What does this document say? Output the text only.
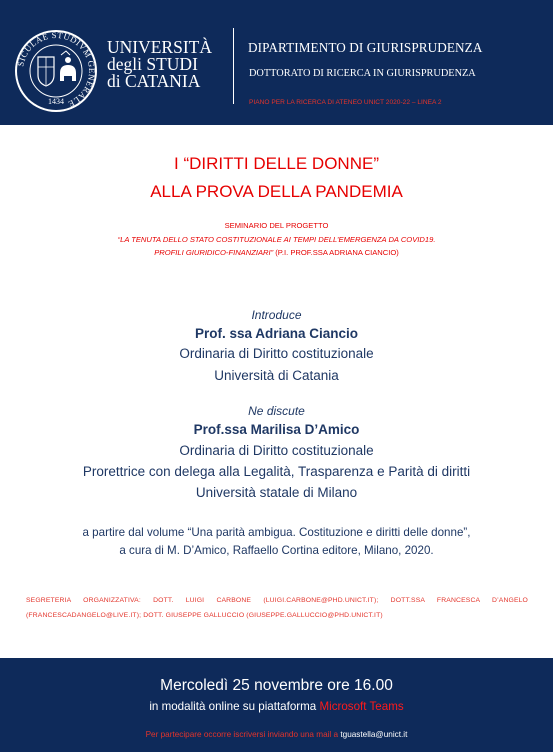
SICULAE STUDIVM GENERALE
1434
UNIVERSITÀ
degli STUDI
di CATANIA
DIPARTIMENTO DI GIURISPRUDENZA
DOTTORATO DI RICERCA IN GIURISPRUDENZA
PIANO PER LA RICERCA DI ATENEO UNICT 2020-22 – LINEA 2
I “DIRITTI DELLE DONNE”
ALLA PROVA DELLA PANDEMIA
SEMINARIO DEL PROGETTO
“LA TENUTA DELLO STATO COSTITUZIONALE AI TEMPI DELL’EMERGENZA DA COVID19.
PROFILI GIURIDICO-FINANZIARI” (P.I. PROF.SSA ADRIANA CIANCIO)
Introduce
Prof. ssa Adriana Ciancio
Ordinaria di Diritto costituzionale
Università di Catania
Ne discute
Prof.ssa Marilisa D’Amico
Ordinaria di Diritto costituzionale
Prorettrice con delega alla Legalità, Trasparenza e Parità di diritti
Università statale di Milano
a partire dal volume “Una parità ambigua. Costituzione e diritti delle donne”,
a cura di M. D’Amico, Raffaello Cortina editore, Milano, 2020.
SEGRETERIA ORGANIZZATIVA: DOTT. LUIGI CARBONE (LUIGI.CARBONE@PHD.UNICT.IT); DOTT.SSA FRANCESCA D’ANGELO
(FRANCESCADANGELO@LIVE.IT); DOTT. GIUSEPPE GALLUCCIO (GIUSEPPE.GALLUCCIO@PHD.UNICT.IT)
Mercoledì 25 novembre ore 16.00
in modalità online su piattaforma Microsoft Teams
Per partecipare occorre iscriversi inviando una mail a tguastella@unict.it
